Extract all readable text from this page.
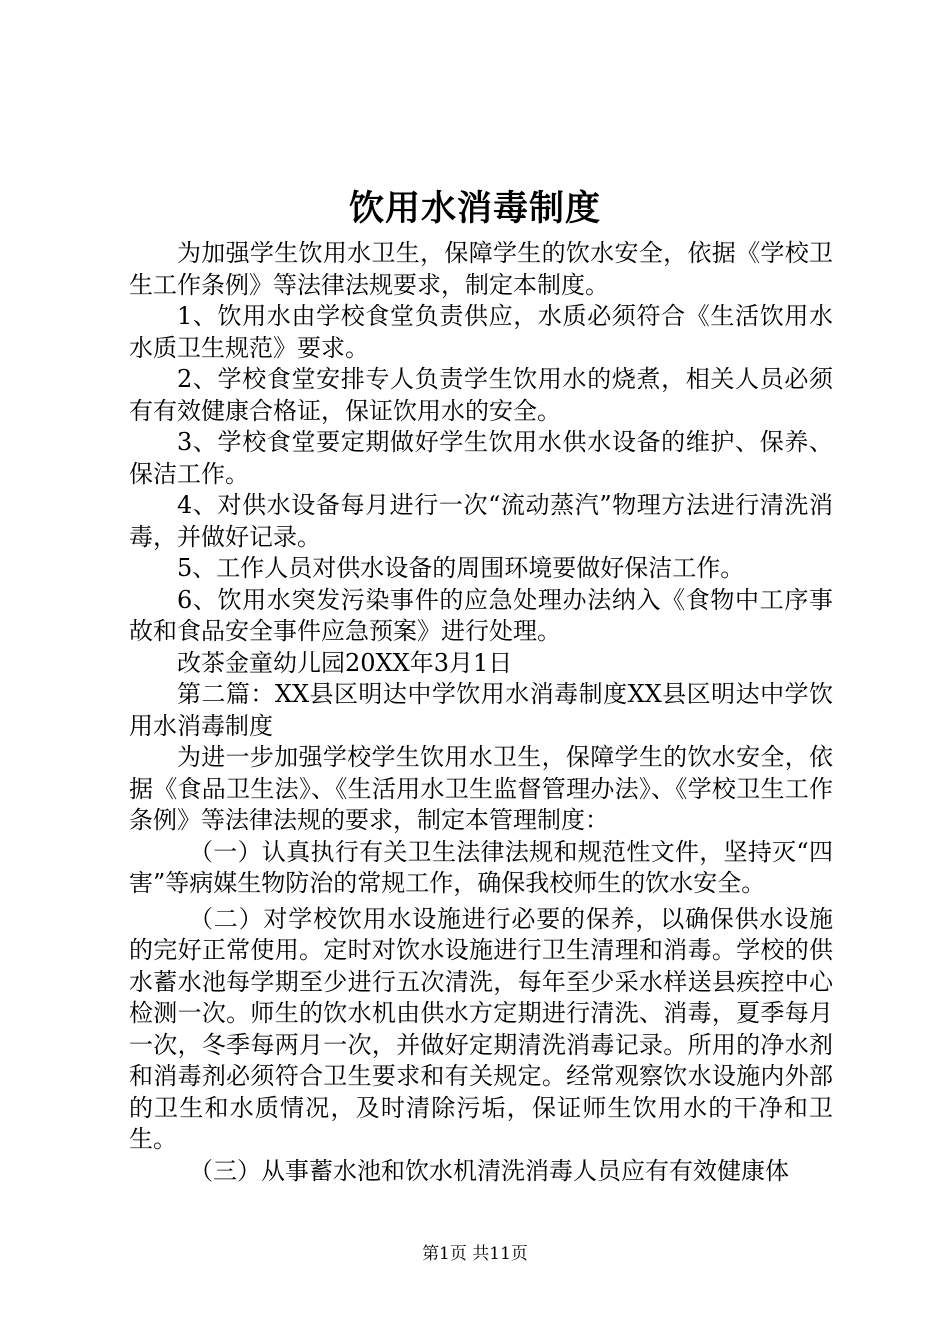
饮用水消毒制度

为加强学生饮用水卫生，保障学生的饮水安全，依据《学校卫生工作条例》等法律法规要求，制定本制度。

1、饮用水由学校食堂负责供应，水质必须符合《生活饮用水水质卫生规范》要求。

2、学校食堂安排专人负责学生饮用水的烧煮，相关人员必须有有效健康合格证，保证饮用水的安全。

3、学校食堂要定期做好学生饮用水供水设备的维护、保养、保洁工作。

4、对供水设备每月进行一次“流动蒸汽”物理方法进行清洗消毒，并做好记录。

5、工作人员对供水设备的周围环境要做好保洁工作。

6、饮用水突发污染事件的应急处理办法纳入《食物中工序事故和食品安全事件应急预案》进行处理。

改茶金童幼儿园20XX年3月1日

第二篇：XX县区明达中学饮用水消毒制度XX县区明达中学饮用水消毒制度

为进一步加强学校学生饮用水卫生，保障学生的饮水安全，依据《食品卫生法》、《生活用水卫生监督管理办法》、《学校卫生工作条例》等法律法规的要求，制定本管理制度：

（一）认真执行有关卫生法律法规和规范性文件，坚持灭“四害”等病媒生物防治的常规工作，确保我校师生的饮水安全。

（二）对学校饮用水设施进行必要的保养，以确保供水设施的完好正常使用。定时对饮水设施进行卫生清理和消毒。学校的供水蓄水池每学期至少进行五次清洗，每年至少采水样送县疾控中心检测一次。师生的饮水机由供水方定期进行清洗、消毒，夏季每月一次，冬季每两月一次，并做好定期清洗消毒记录。所用的净水剂和消毒剂必须符合卫生要求和有关规定。经常观察饮水设施内外部的卫生和水质情况，及时清除污垢，保证师生饮用水的干净和卫生。

（三）从事蓄水池和饮水机清洗消毒人员应有有效健康体

第1页 共11页
